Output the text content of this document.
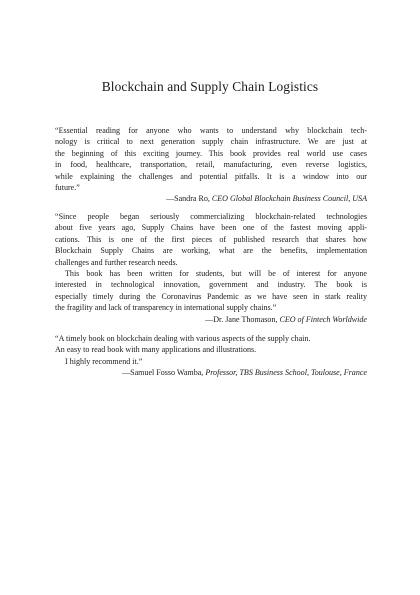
Blockchain and Supply Chain Logistics
“Essential reading for anyone who wants to understand why blockchain tech-
nology is critical to next generation supply chain infrastructure. We are just at
the beginning of this exciting journey. This book provides real world use cases
in food, healthcare, transportation, retail, manufacturing, even reverse logistics,
while explaining the challenges and potential pitfalls. It is a window into our
future.”
—Sandra Ro, CEO Global Blockchain Business Council, USA
“Since people began seriously commercializing blockchain-related technologies
about five years ago, Supply Chains have been one of the fastest moving appli-
cations. This is one of the first pieces of published research that shares how
Blockchain Supply Chains are working, what are the benefits, implementation
challenges and further research needs.
This book has been written for students, but will be of interest for anyone
interested in technological innovation, government and industry. The book is
especially timely during the Coronavirus Pandemic as we have seen in stark reality
the fragility and lack of transparency in international supply chains.”
—Dr. Jane Thomason, CEO of Fintech Worldwide
“A timely book on blockchain dealing with various aspects of the supply chain.
An easy to read book with many applications and illustrations.
I highly recommend it.”
—Samuel Fosso Wamba, Professor, TBS Business School, Toulouse, France
